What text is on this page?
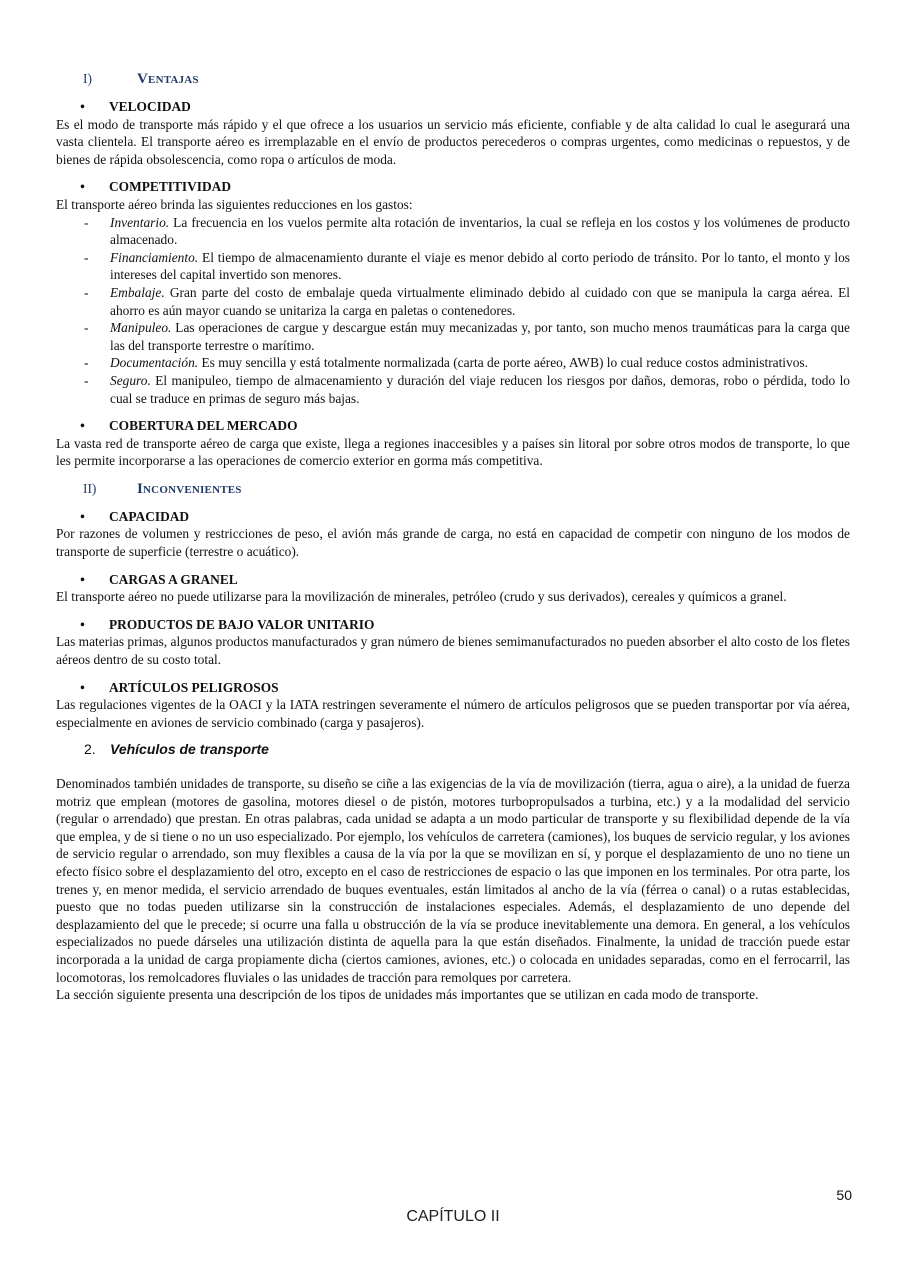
I)	Ventajas
•	VELOCIDAD

Es el modo de transporte más rápido y el que ofrece a los usuarios un servicio más eficiente, confiable y de alta calidad lo cual le asegurará una vasta clientela. El transporte aéreo es irremplazable en el envío de productos perecederos o compras urgentes, como medicinas o repuestos, y de bienes de rápida obsolescencia, como ropa o artículos de moda.

•	COMPETITIVIDAD

El transporte aéreo brinda las siguientes reducciones en los gastos:

-	Inventario. La frecuencia en los vuelos permite alta rotación de inventarios, la cual se refleja en los costos y los volúmenes de producto almacenado.
-	Financiamiento. El tiempo de almacenamiento durante el viaje es menor debido al corto periodo de tránsito. Por lo tanto, el monto y los intereses del capital invertido son menores.
-	Embalaje. Gran parte del costo de embalaje queda virtualmente eliminado debido al cuidado con que se manipula la carga aérea. El ahorro es aún mayor cuando se unitariza la carga en paletas o contenedores.
-	Manipuleo. Las operaciones de cargue y descargue están muy mecanizadas y, por tanto, son mucho menos traumáticas para la carga que las del transporte terrestre o marítimo.
-	Documentación. Es muy sencilla y está totalmente normalizada (carta de porte aéreo, AWB) lo cual reduce costos administrativos.
-	Seguro. El manipuleo, tiempo de almacenamiento y duración del viaje reducen los riesgos por daños, demoras, robo o pérdida, todo lo cual se traduce en primas de seguro más bajas.
•	COBERTURA DEL MERCADO

La vasta red de transporte aéreo de carga que existe, llega a regiones inaccesibles y a países sin litoral por sobre otros modos de transporte, lo que les permite incorporarse a las operaciones de comercio exterior en gorma más competitiva.

II)	Inconvenientes
•	CAPACIDAD

Por razones de volumen y restricciones de peso, el avión más grande de carga, no está en capacidad de competir con ninguno de los modos de transporte de superficie (terrestre o acuático).

•	CARGAS A GRANEL

El transporte aéreo no puede utilizarse para la movilización de minerales, petróleo (crudo y sus derivados), cereales y químicos a granel.

•	PRODUCTOS DE BAJO VALOR UNITARIO

Las materias primas, algunos productos manufacturados y gran número de bienes semimanufacturados no pueden absorber el alto costo de los fletes aéreos dentro de su costo total.

•	ARTÍCULOS PELIGROSOS

Las regulaciones vigentes de la OACI y la IATA restringen severamente el número de artículos peligrosos que se pueden transportar por vía aérea, especialmente en aviones de servicio combinado (carga y pasajeros).

2.	Vehículos de transporte

Denominados también unidades de transporte, su diseño se ciñe a las exigencias de la vía de movilización (tierra, agua o aire), a la unidad de fuerza motriz que emplean (motores de gasolina, motores diesel o de pistón, motores turbopropulsados a turbina, etc.) y a la modalidad del servicio (regular o arrendado) que prestan. En otras palabras, cada unidad se adapta a un modo particular de transporte y su flexibilidad depende de la vía que emplea, y de si tiene o no un uso especializado. Por ejemplo, los vehículos de carretera (camiones), los buques de servicio regular, y los aviones de servicio regular o arrendado, son muy flexibles a causa de la vía por la que se movilizan en sí, y porque el desplazamiento de uno no tiene un efecto físico sobre el desplazamiento del otro, excepto en el caso de restricciones de espacio o las que imponen en los terminales. Por otra parte, los trenes y, en menor medida, el servicio arrendado de buques eventuales, están limitados al ancho de la vía (férrea o canal) o a rutas establecidas, puesto que no todas pueden utilizarse sin la construcción de instalaciones especiales. Además, el desplazamiento de uno depende del desplazamiento del que le precede; si ocurre una falla u obstrucción de la vía se produce inevitablemente una demora. En general, a los vehículos especializados no puede dárseles una utilización distinta de aquella para la que están diseñados. Finalmente, la unidad de tracción puede estar incorporada a la unidad de carga propiamente dicha (ciertos camiones, aviones, etc.) o colocada en unidades separadas, como en el ferrocarril, las locomotoras, los remolcadores fluviales o las unidades de tracción para remolques por carretera.

La sección siguiente presenta una descripción de los tipos de unidades más importantes que se utilizan en cada modo de transporte.

50
CAPÍTULO II
